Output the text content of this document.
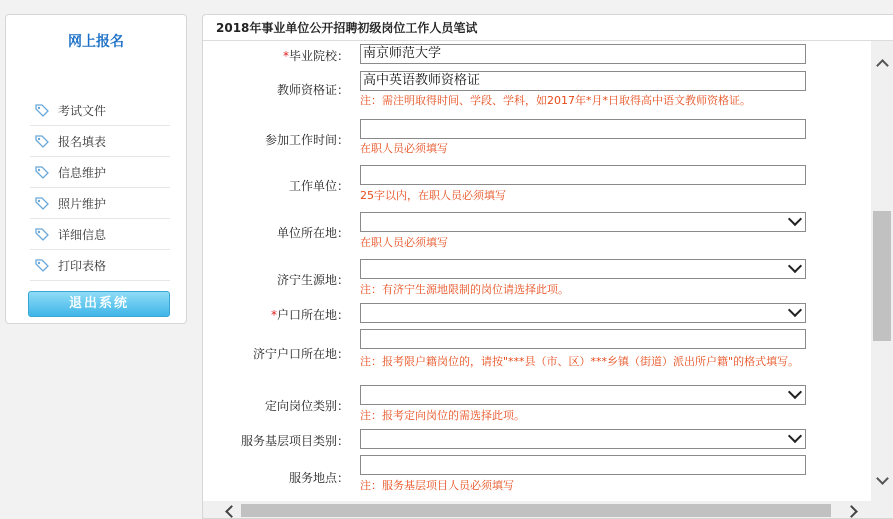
网上报名
考试文件
报名填表
信息维护
照片维护
详细信息
打印表格
退出系统
2018年事业单位公开招聘初级岗位工作人员笔试
*毕业院校： 南京师范大学
教师资格证：
高中英语教师资格证
注：需注明取得时间、学段、学科，如2017年*月*日取得高中语文教师资格证。
参加工作时间：
在职人员必须填写
工作单位：
25字以内，在职人员必须填写
单位所在地：
在职人员必须填写
济宁生源地：
注：有济宁生源地限制的岗位请选择此项。
*户口所在地：
济宁户口所在地：
注：报考限户籍岗位的，请按"***县（市、区）***乡镇（街道）派出所户籍"的格式填写。
定向岗位类别：
注：报考定向岗位的需选择此项。
服务基层项目类别：
服务地点：
注：服务基层项目人员必须填写
